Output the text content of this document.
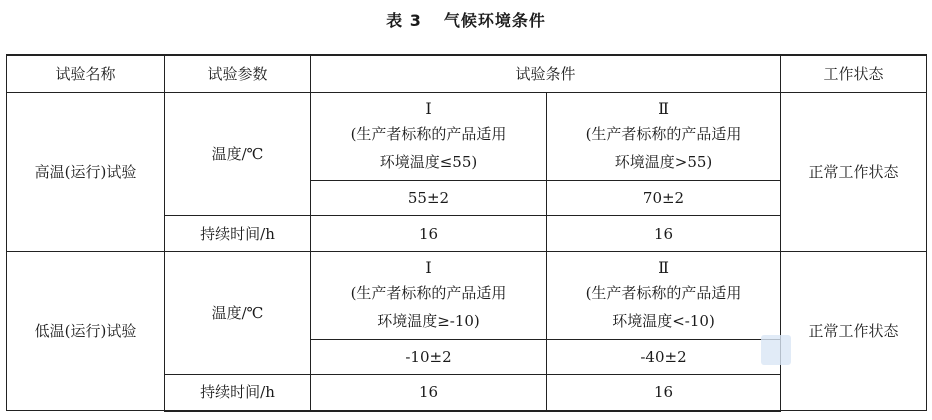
表 3 气候环境条件
试验名称	试验参数	试验条件		工作状态
高温(运行)试验	温度/℃	Ⅰ
(生产者标称的产品适用
环境温度≤55)	Ⅱ
(生产者标称的产品适用
环境温度>55)	正常工作状态
		55±2	70±2	
	持续时间/h	16	16	
低温(运行)试验	温度/℃	Ⅰ
(生产者标称的产品适用
环境温度≥-10)	Ⅱ
(生产者标称的产品适用
环境温度<-10)	正常工作状态
		-10±2	-40±2	
	持续时间/h	16	16	
